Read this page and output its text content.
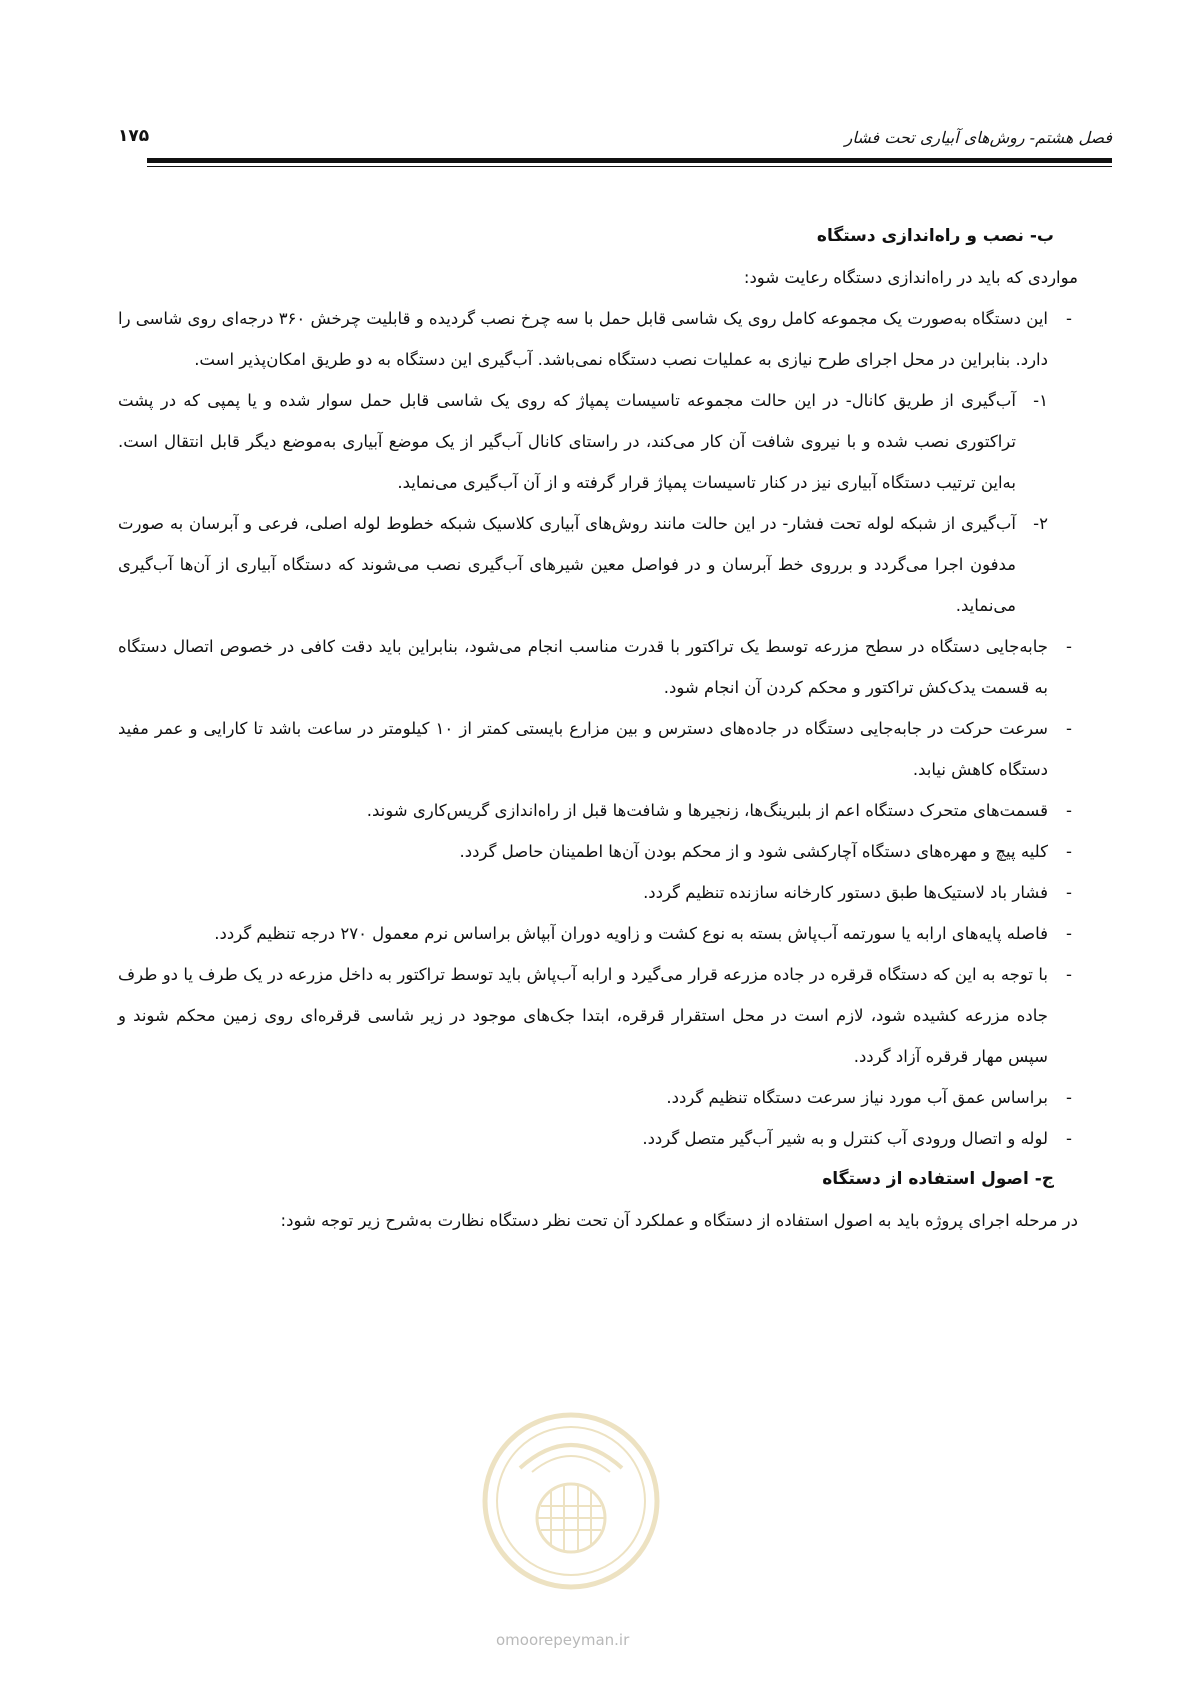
فصل هشتم- روش‌های آبیاری تحت فشار
۱۷۵
ب- نصب و راه‌اندازی دستگاه

مواردی که باید در راه‌اندازی دستگاه رعایت شود:

-
این دستگاه به‌صورت یک مجموعه کامل روی یک شاسی قابل حمل با سه چرخ نصب گردیده و قابلیت چرخش ۳۶۰ درجه‌ای روی شاسی را دارد. بنابراین در محل اجرای طرح نیازی به عملیات نصب دستگاه نمی‌باشد. آب‌گیری این دستگاه به دو طریق امکان‌پذیر است.
۱-
آب‌گیری از طریق کانال- در این حالت مجموعه تاسیسات پمپاژ که روی یک شاسی قابل حمل سوار شده و یا پمپی که در پشت تراکتوری نصب شده و با نیروی شافت آن کار می‌کند، در راستای کانال آب‌گیر از یک موضع آبیاری به‌موضع دیگر قابل انتقال است. به‌این ترتیب دستگاه آبیاری نیز در کنار تاسیسات پمپاژ قرار گرفته و از آن آب‌گیری می‌نماید.
۲-
آب‌گیری از شبکه لوله تحت فشار- در این حالت مانند روش‌های آبیاری کلاسیک شبکه خطوط لوله اصلی، فرعی و آبرسان به صورت مدفون اجرا می‌گردد و برروی خط آبرسان و در فواصل معین شیرهای آب‌گیری نصب می‌شوند که دستگاه آبیاری از آن‌ها آب‌گیری می‌نماید.
-
جابه‌جایی دستگاه در سطح مزرعه توسط یک تراکتور با قدرت مناسب انجام می‌شود، بنابراین باید دقت کافی در خصوص اتصال دستگاه به قسمت یدک‌کش تراکتور و محکم کردن آن انجام شود.
-
سرعت حرکت در جابه‌جایی دستگاه در جاده‌های دسترس و بین مزارع بایستی کمتر از ۱۰ کیلومتر در ساعت باشد تا کارایی و عمر مفید دستگاه کاهش نیابد.
-
قسمت‌های متحرک دستگاه اعم از بلبرینگ‌ها، زنجیرها و شافت‌ها قبل از راه‌اندازی گریس‌کاری شوند.
-
کلیه پیچ و مهره‌های دستگاه آچارکشی شود و از محکم بودن آن‌ها اطمینان حاصل گردد.
-
فشار باد لاستیک‌ها طبق دستور کارخانه سازنده تنظیم گردد.
-
فاصله پایه‌های ارابه یا سورتمه آب‌پاش بسته به نوع کشت و زاویه دوران آبپاش براساس نرم معمول ۲۷۰ درجه تنظیم گردد.
-
با توجه به این که دستگاه قرقره در جاده مزرعه قرار می‌گیرد و ارابه آب‌پاش باید توسط تراکتور به داخل مزرعه در یک طرف یا دو طرف جاده مزرعه کشیده شود، لازم است در محل استقرار قرقره، ابتدا جک‌های موجود در زیر شاسی قرقره‌ای روی زمین محکم شوند و سپس مهار قرقره آزاد گردد.
-
براساس عمق آب مورد نیاز سرعت دستگاه تنظیم گردد.
-
لوله و اتصال ورودی آب کنترل و به شیر آب‌گیر متصل گردد.
ج- اصول استفاده از دستگاه

در مرحله اجرای پروژه باید به اصول استفاده از دستگاه و عملکرد آن تحت نظر دستگاه نظارت به‌شرح زیر توجه شود:

omoorepeyman.ir
